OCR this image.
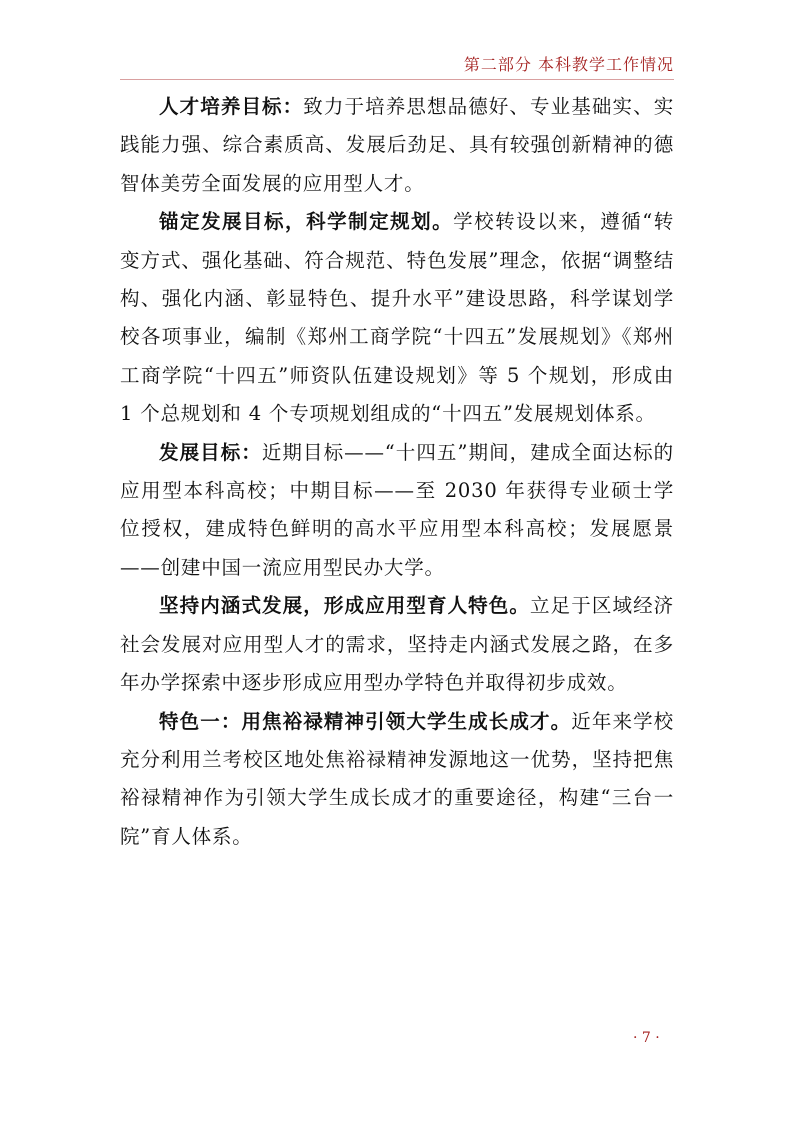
第二部分 本科教学工作情况

人才培养目标：致力于培养思想品德好、专业基础实、实践能力强、综合素质高、发展后劲足、具有较强创新精神的德智体美劳全面发展的应用型人才。

锚定发展目标，科学制定规划。学校转设以来，遵循“转变方式、强化基础、符合规范、特色发展”理念，依据“调整结构、强化内涵、彰显特色、提升水平”建设思路，科学谋划学校各项事业，编制《郑州工商学院“十四五”发展规划》《郑州工商学院“十四五”师资队伍建设规划》等 5 个规划，形成由 1 个总规划和 4 个专项规划组成的“十四五”发展规划体系。

发展目标：近期目标——“十四五”期间，建成全面达标的应用型本科高校；中期目标——至 2030 年获得专业硕士学位授权，建成特色鲜明的高水平应用型本科高校；发展愿景——创建中国一流应用型民办大学。

坚持内涵式发展，形成应用型育人特色。立足于区域经济社会发展对应用型人才的需求，坚持走内涵式发展之路，在多年办学探索中逐步形成应用型办学特色并取得初步成效。

特色一：用焦裕禄精神引领大学生成长成才。近年来学校充分利用兰考校区地处焦裕禄精神发源地这一优势，坚持把焦裕禄精神作为引领大学生成长成才的重要途径，构建“三台一院”育人体系。

· 7 ·
